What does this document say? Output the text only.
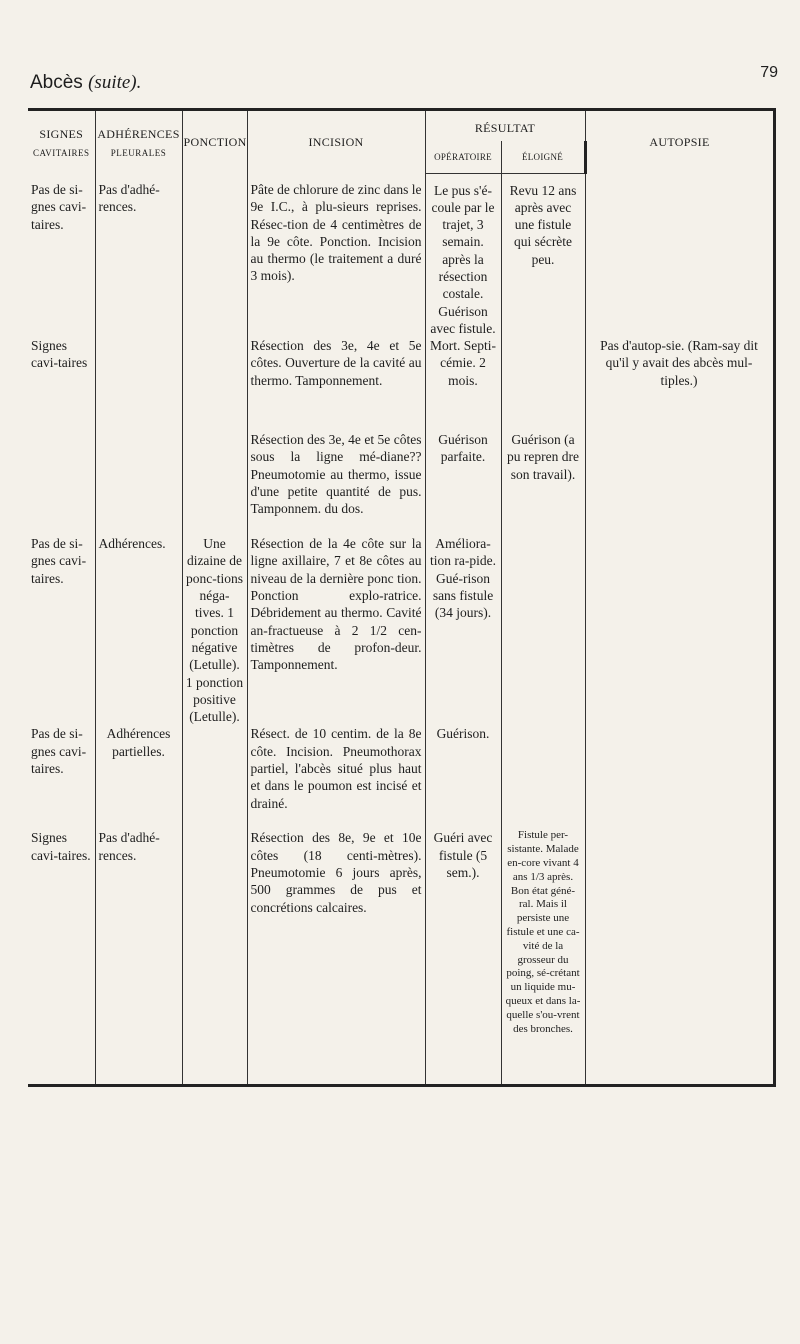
Abcès (suite).	79
SIGNES
CAVITAIRES	ADHÉRENCES
PLEURALES	PONCTION	INCISION	RÉSULTAT		AUTOPSIE
				OPÉRATOIRE	ÉLOIGNÉ	
Pas de si-gnes cavi-taires.	Pas d'adhé-rences.		Pâte de chlorure de zinc dans le 9e I.C., à plu-sieurs reprises. Résec-tion de 4 centimètres de la 9e côte. Ponction. Incision au thermo (le traitement a duré 3 mois).	Le pus s'é-coule par le trajet, 3 semain. après la résection costale. Guérison avec fistule.	Revu 12 ans après avec une fistule qui sécrète peu.	
Signes cavi-taires			Résection des 3e, 4e et 5e côtes. Ouverture de la cavité au thermo. Tamponnement.	Mort. Septi-cémie. 2 mois.		Pas d'autop-sie. (Ram-say dit qu'il y avait des abcès mul-tiples.)
			Résection des 3e, 4e et 5e côtes sous la ligne mé-diane?? Pneumotomie au thermo, issue d'une petite quantité de pus. Tamponnem. du dos.	Guérison parfaite.	Guérison (a pu repren dre son travail).	
Pas de si-gnes cavi-taires.	Adhérences.	Une dizaine de ponc-tions néga-tives. 1 ponction négative (Letulle). 1 ponction positive (Letulle).	Résection de la 4e côte sur la ligne axillaire, 7 et 8e côtes au niveau de la dernière ponc tion. Ponction explo-ratrice. Débridement au thermo. Cavité an-fractueuse à 2 1/2 cen-timètres de profon-deur. Tamponnement.	Améliora-tion ra-pide. Gué-rison sans fistule (34 jours).		
Pas de si-gnes cavi-taires.	Adhérences partielles.		Résect. de 10 centim. de la 8e côte. Incision. Pneumothorax partiel, l'abcès situé plus haut et dans le poumon est incisé et drainé.	Guérison.		
Signes cavi-taires.	Pas d'adhé-rences.		Résection des 8e, 9e et 10e côtes (18 centi-mètres). Pneumotomie 6 jours après, 500 grammes de pus et concrétions calcaires.	Guéri avec fistule (5 sem.).	Fistule per-sistante. Malade en-core vivant 4 ans 1/3 après. Bon état géné-ral. Mais il persiste une fistule et une ca-vité de la grosseur du poing, sé-crétant un liquide mu-queux et dans la-quelle s'ou-vrent des bronches.	
